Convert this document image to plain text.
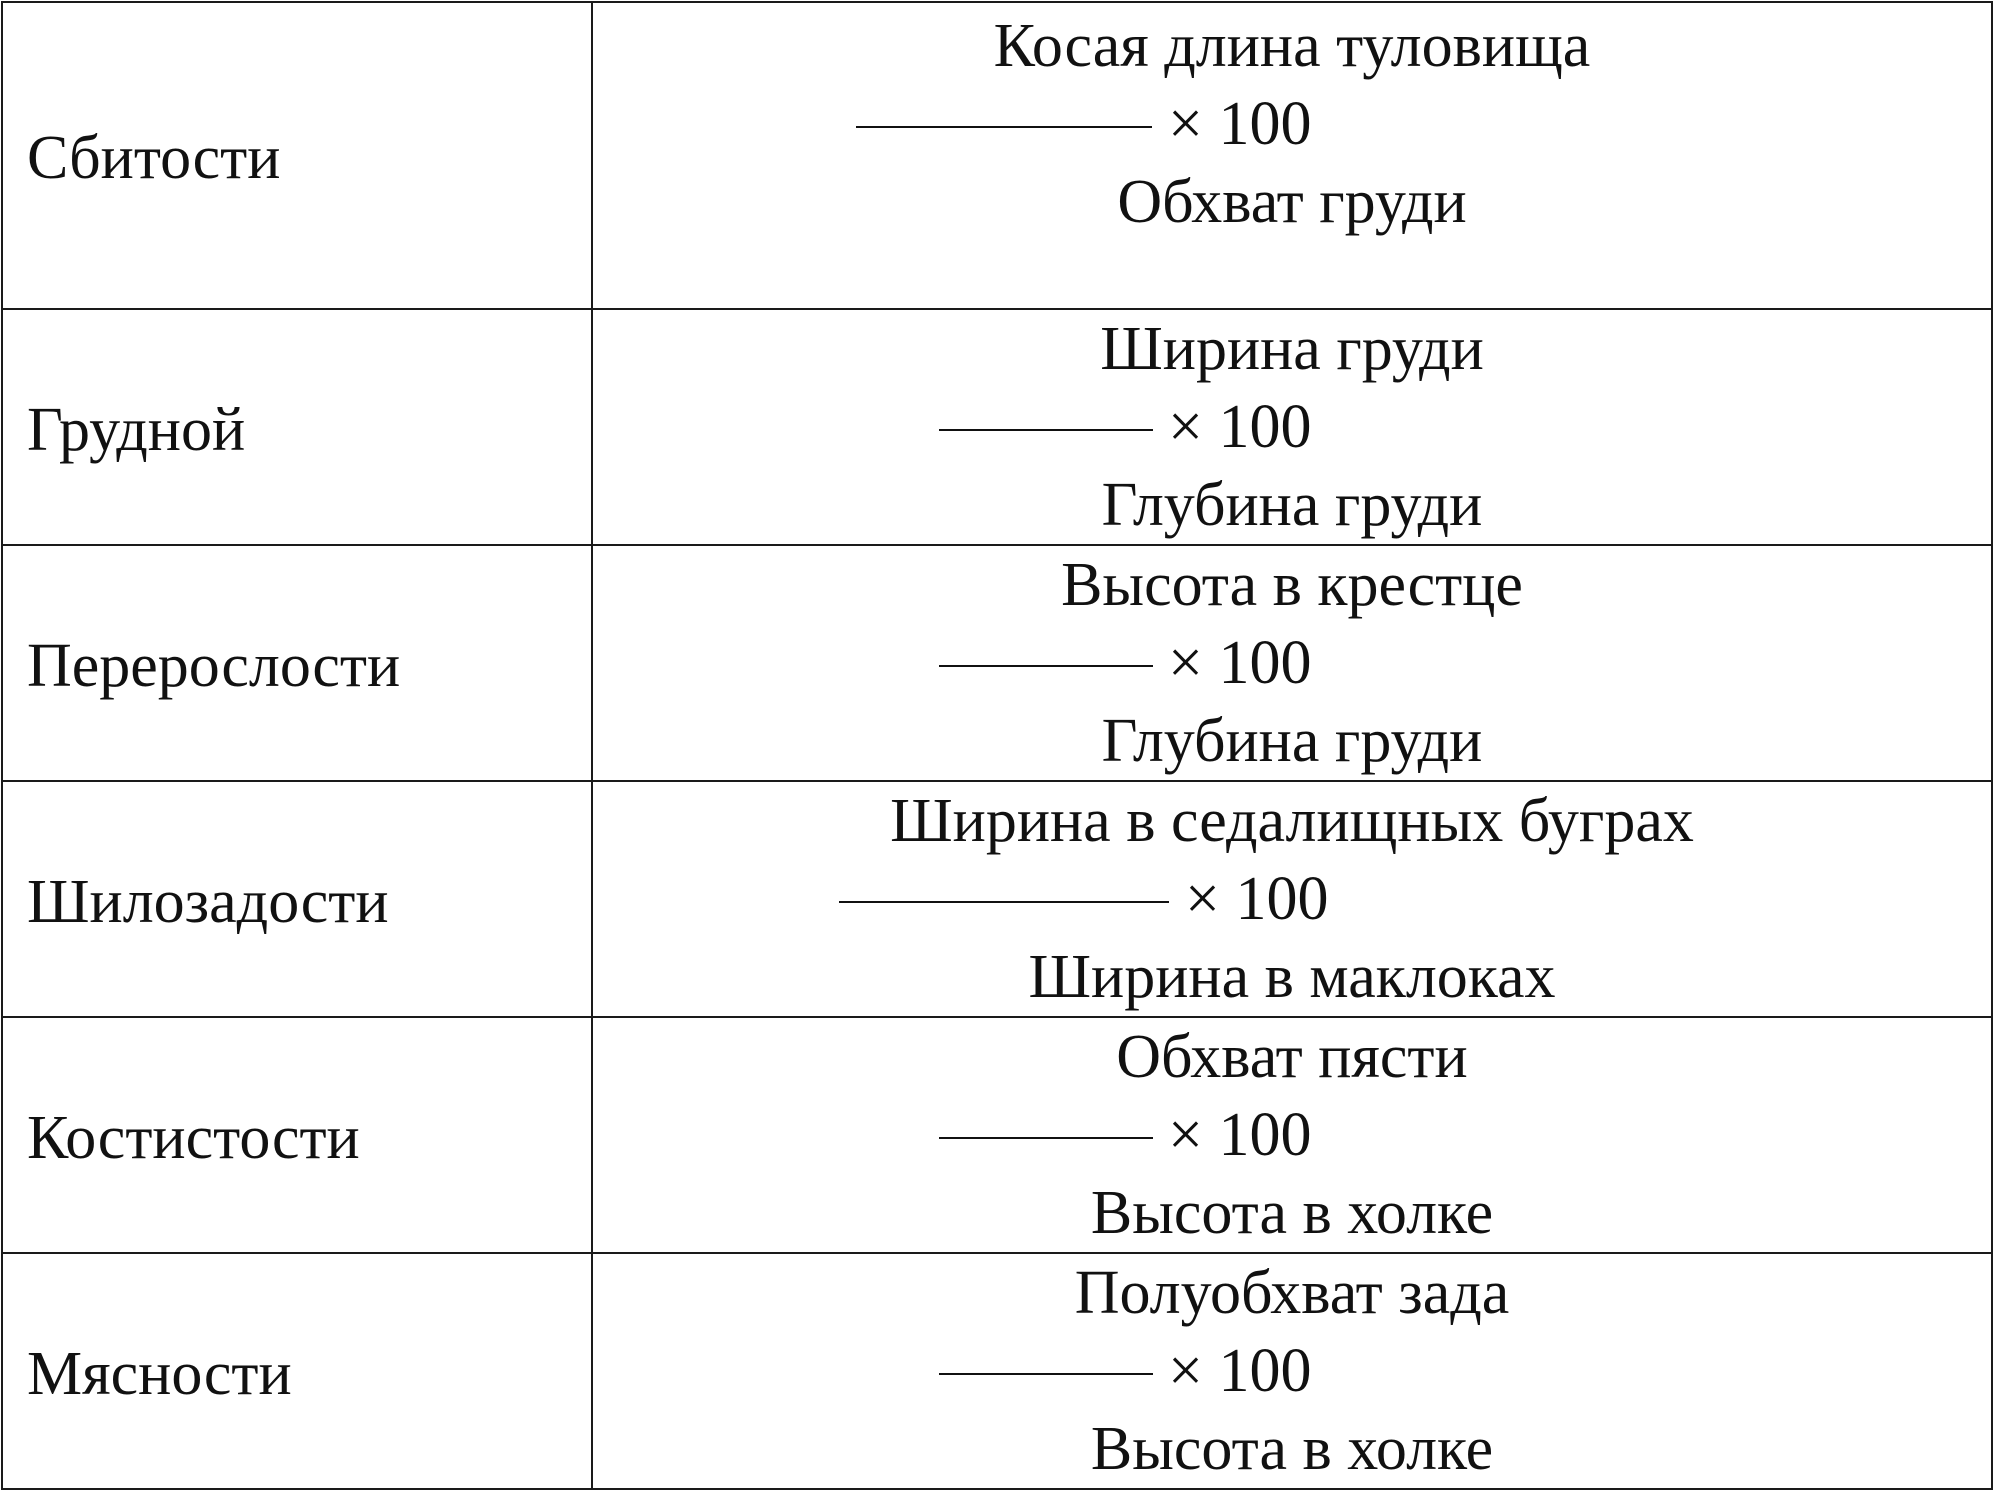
Сбитости	Косая длина туловища
× 100
Обхват груди

Грудной	Ширина груди
× 100
Глубина груди

Перерослости	Высота в крестце
× 100
Глубина груди

Шилозадости	Ширина в седалищных буграх
× 100
Ширина в маклоках

Костистости	Обхват пясти
× 100
Высота в холке

Мясности	Полуобхват зада
× 100
Высота в холке
